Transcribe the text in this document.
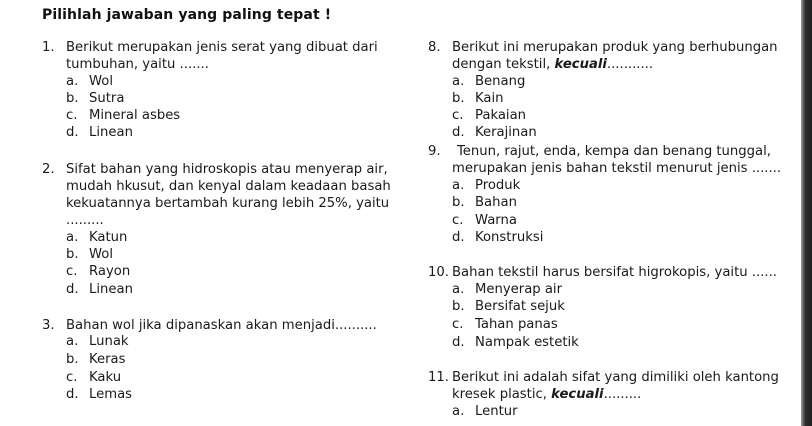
Pilihlah jawaban yang paling tepat !
1. Berikut merupakan jenis serat yang dibuat dari
tumbuhan, yaitu .......
a. Wol
b. Sutra
c. Mineral asbes
d. Linean
2. Sifat bahan yang hidroskopis atau menyerap air,
mudah hkusut, dan kenyal dalam keadaan basah
kekuatannya bertambah kurang lebih 25%, yaitu
.........
a. Katun
b. Wol
c. Rayon
d. Linean
3. Bahan wol jika dipanaskan akan menjadi..........
a. Lunak
b. Keras
c. Kaku
d. Lemas
8. Berikut ini merupakan produk yang berhubungan
dengan tekstil, kecuali...........
a. Benang
b. Kain
c. Pakaian
d. Kerajinan
9. Tenun, rajut, enda, kempa dan benang tunggal,
merupakan jenis bahan tekstil menurut jenis .......
a. Produk
b. Bahan
c. Warna
d. Konstruksi
10. Bahan tekstil harus bersifat higrokopis, yaitu ......
a. Menyerap air
b. Bersifat sejuk
c. Tahan panas
d. Nampak estetik
11. Berikut ini adalah sifat yang dimiliki oleh kantong
kresek plastic, kecuali.........
a. Lentur
